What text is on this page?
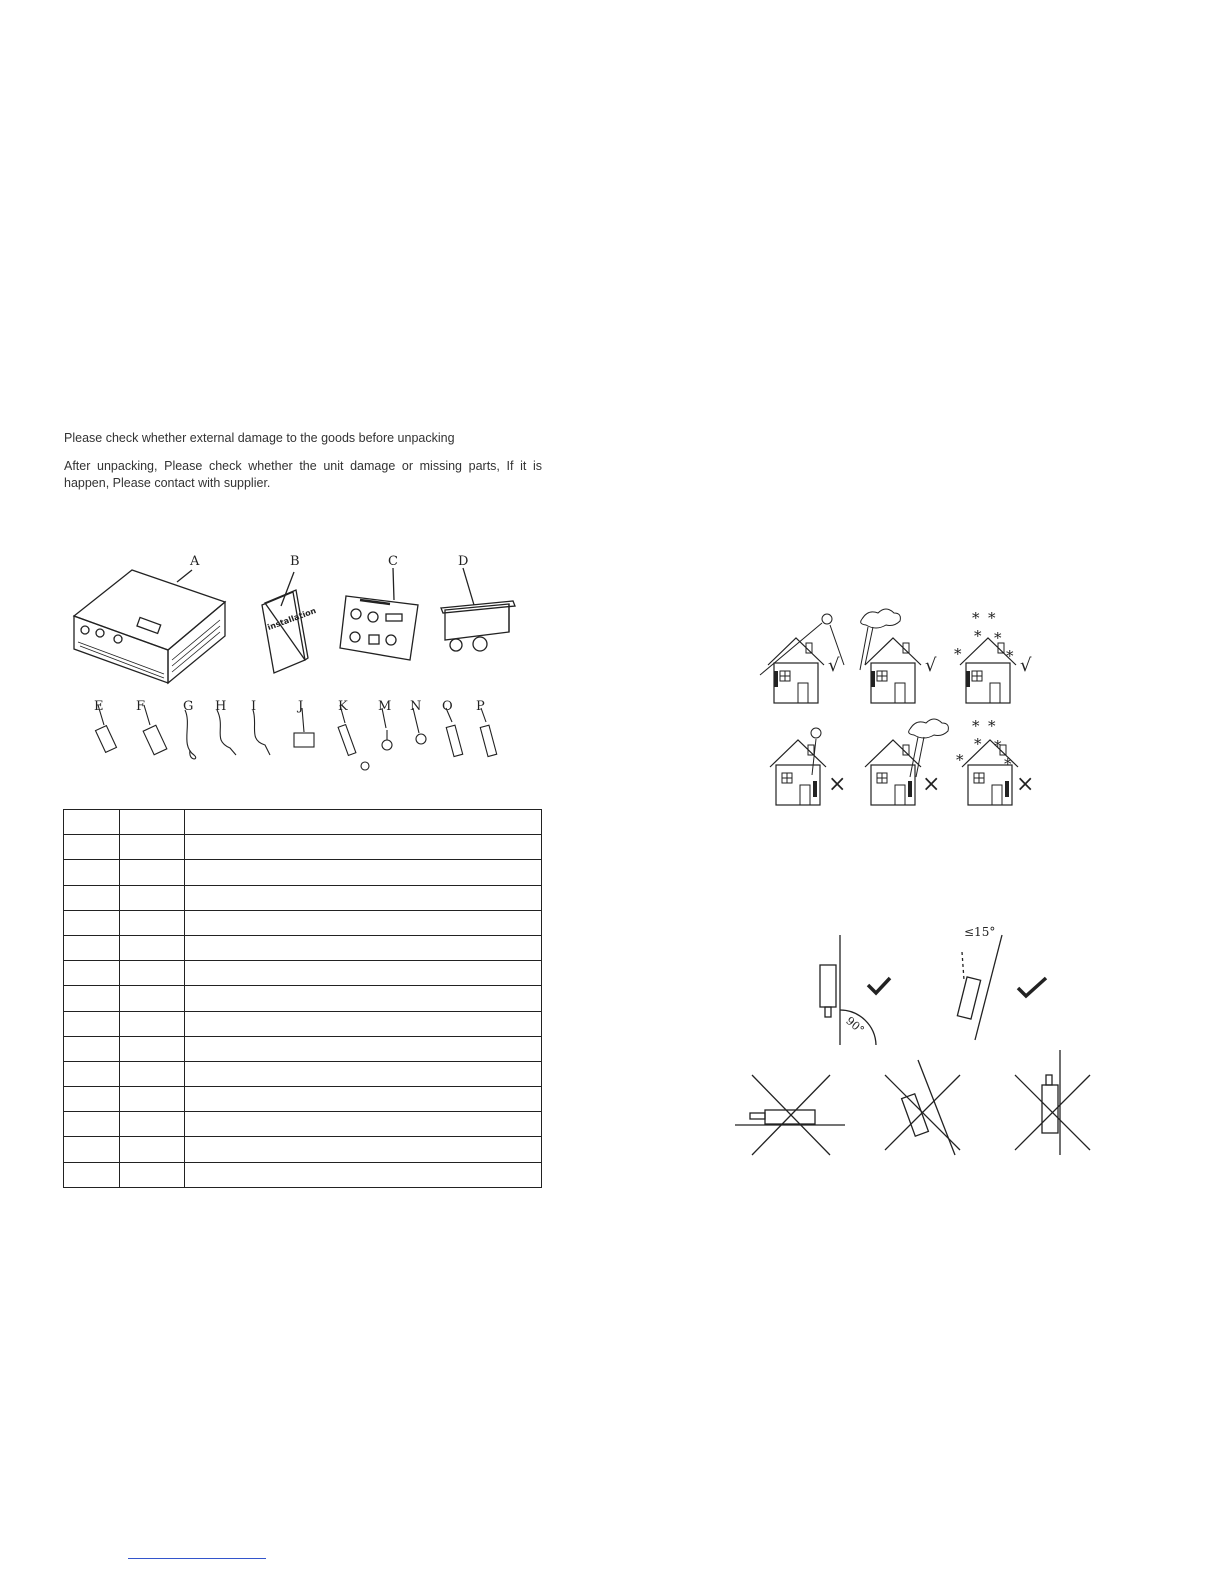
Please check whether external damage to the goods before unpacking
After unpacking, Please check whether the unit damage or missing parts, If it is happen, Please contact with supplier.
installation
A	B	C	D
E	F	G H I	J	K M N O P

* *
* *
*	*
√	√	√
* *
* *
*	*
×	×	×
90°
≤15°
